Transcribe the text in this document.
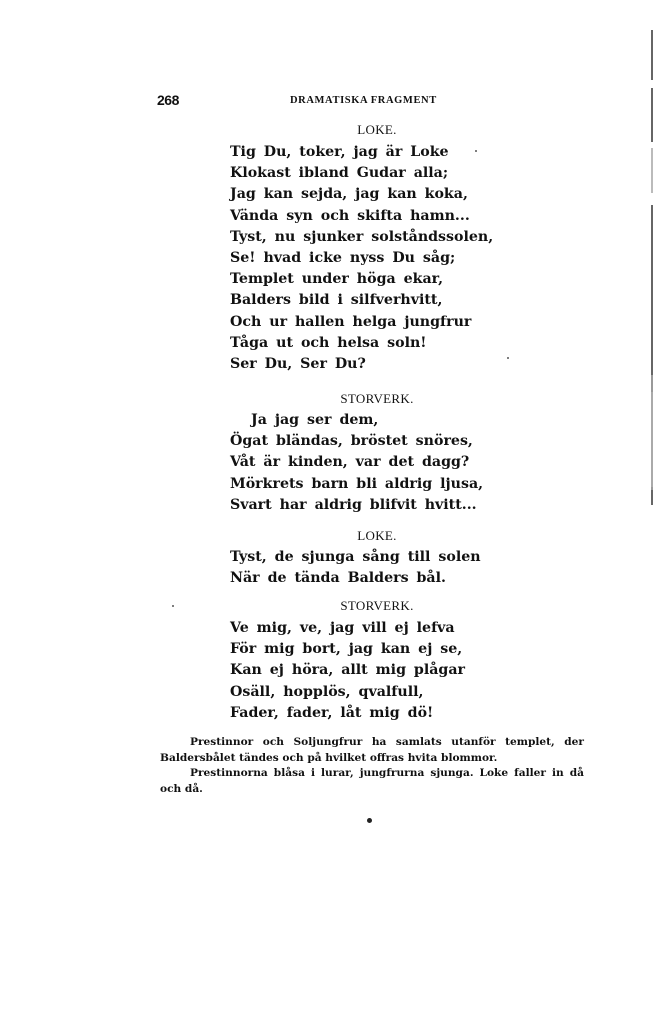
268	DRAMATISKA FRAGMENT
LOKE.
Tig Du, toker, jag är Loke
Klokast ibland Gudar alla;
Jag kan sejda, jag kan koka,
Vända syn och skifta hamn...
Tyst, nu sjunker solståndssolen,
Se! hvad icke nyss Du såg;
Templet under höga ekar,
Balders bild i silfverhvitt,
Och ur hallen helga jungfrur
Tåga ut och helsa soln!
Ser Du, Ser Du?
STORVERK.
Ja jag ser dem,
Ögat bländas, bröstet snöres,
Våt är kinden, var det dagg?
Mörkrets barn bli aldrig ljusa,
Svart har aldrig blifvit hvitt...
LOKE.
Tyst, de sjunga sång till solen
När de tända Balders bål.
STORVERK.
Ve mig, ve, jag vill ej lefva
För mig bort, jag kan ej se,
Kan ej höra, allt mig plågar
Osäll, hopplös, qvalfull,
Fader, fader, låt mig dö!

Prestinnor och Soljungfrur ha samlats utanför templet, der Baldersbålet tändes och på hvilket offras hvita blommor.

Prestinnorna blåsa i lurar, jungfrurna sjunga. Loke faller in då och då.
